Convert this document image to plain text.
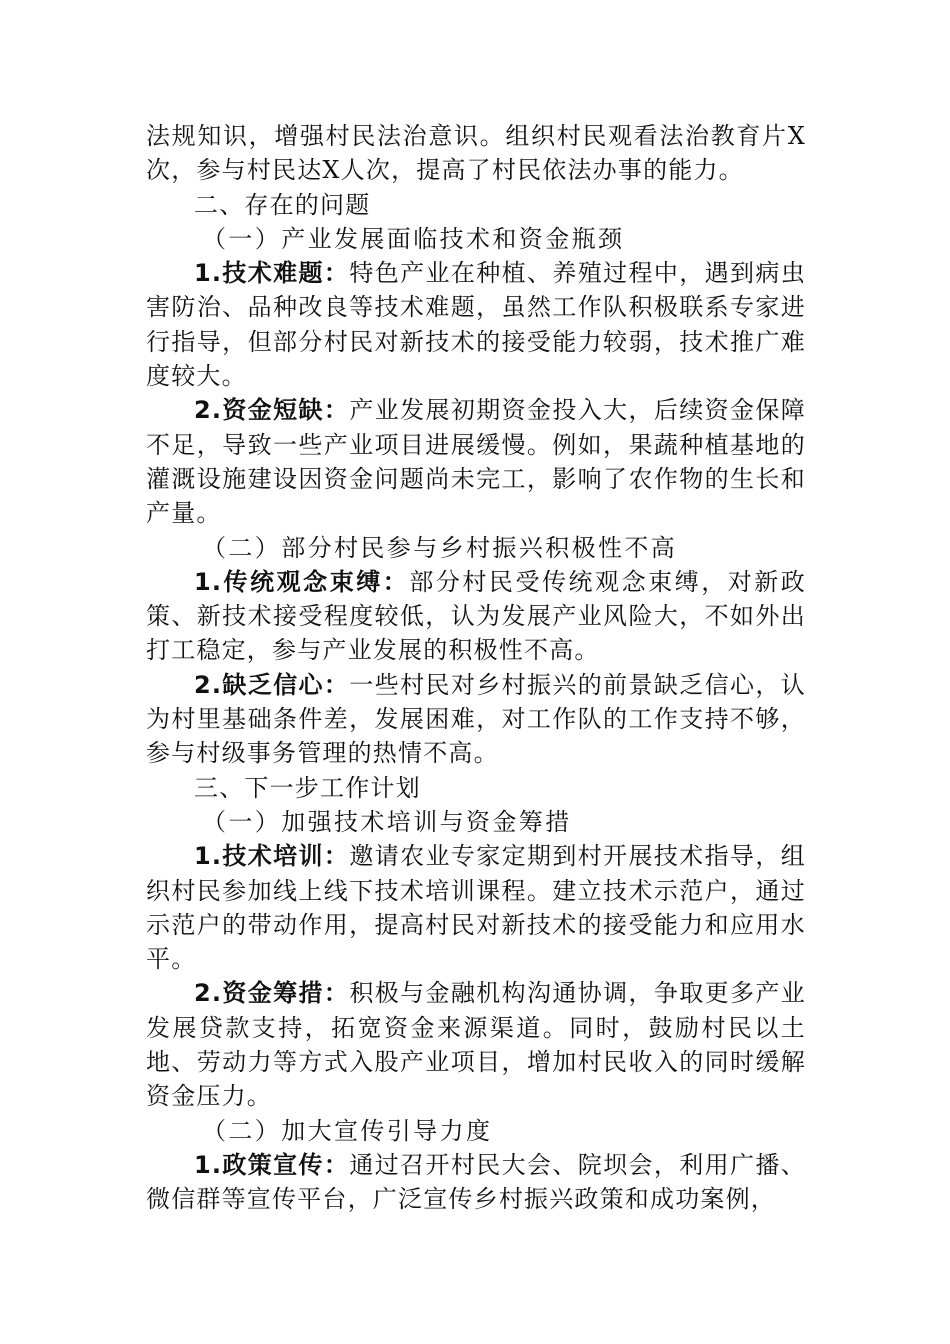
法规知识，增强村民法治意识。组织村民观看法治教育片X次，参与村民达X人次，提高了村民依法办事的能力。

二、存在的问题

（一）产业发展面临技术和资金瓶颈

1.技术难题：特色产业在种植、养殖过程中，遇到病虫害防治、品种改良等技术难题，虽然工作队积极联系专家进行指导，但部分村民对新技术的接受能力较弱，技术推广难度较大。

2.资金短缺：产业发展初期资金投入大，后续资金保障不足，导致一些产业项目进展缓慢。例如，果蔬种植基地的灌溉设施建设因资金问题尚未完工，影响了农作物的生长和产量。

（二）部分村民参与乡村振兴积极性不高

1.传统观念束缚：部分村民受传统观念束缚，对新政策、新技术接受程度较低，认为发展产业风险大，不如外出打工稳定，参与产业发展的积极性不高。

2.缺乏信心：一些村民对乡村振兴的前景缺乏信心，认为村里基础条件差，发展困难，对工作队的工作支持不够，参与村级事务管理的热情不高。

三、下一步工作计划

（一）加强技术培训与资金筹措

1.技术培训：邀请农业专家定期到村开展技术指导，组织村民参加线上线下技术培训课程。建立技术示范户，通过示范户的带动作用，提高村民对新技术的接受能力和应用水平。

2.资金筹措：积极与金融机构沟通协调，争取更多产业发展贷款支持，拓宽资金来源渠道。同时，鼓励村民以土地、劳动力等方式入股产业项目，增加村民收入的同时缓解资金压力。

（二）加大宣传引导力度

1.政策宣传：通过召开村民大会、院坝会，利用广播、微信群等宣传平台，广泛宣传乡村振兴政策和成功案例，
